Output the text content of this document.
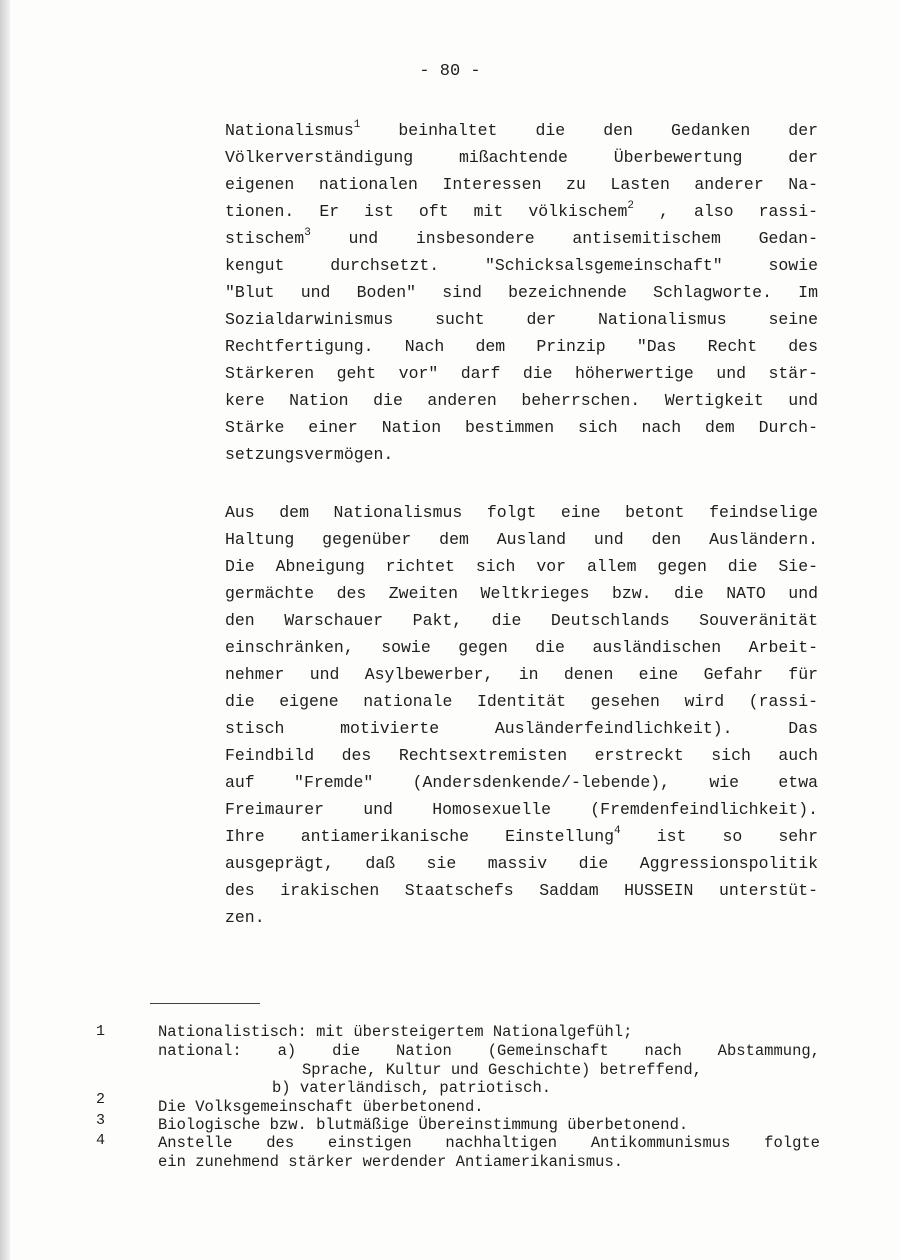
- 80 -
Nationalismus$^1$ beinhaltet die den Gedanken der
Völkerverständigung mißachtende Überbewertung der
eigenen nationalen Interessen zu Lasten anderer Na-
tionen. Er ist oft mit völkischem$^2$ , also rassi-
stischem$^3$ und insbesondere antisemitischem Gedan-
kengut durchsetzt. "Schicksalsgemeinschaft" sowie
"Blut und Boden" sind bezeichnende Schlagworte. Im
Sozialdarwinismus sucht der Nationalismus seine
Rechtfertigung. Nach dem Prinzip "Das Recht des
Stärkeren geht vor" darf die höherwertige und stär-
kere Nation die anderen beherrschen. Wertigkeit und
Stärke einer Nation bestimmen sich nach dem Durch-
setzungsvermögen.
Aus dem Nationalismus folgt eine betont feindselige
Haltung gegenüber dem Ausland und den Ausländern.
Die Abneigung richtet sich vor allem gegen die Sie-
germächte des Zweiten Weltkrieges bzw. die NATO und
den Warschauer Pakt, die Deutschlands Souveränität
einschränken, sowie gegen die ausländischen Arbeit-
nehmer und Asylbewerber, in denen eine Gefahr für
die eigene nationale Identität gesehen wird (rassi-
stisch motivierte Ausländerfeindlichkeit). Das
Feindbild des Rechtsextremisten erstreckt sich auch
auf "Fremde" (Andersdenkende/-lebende), wie etwa
Freimaurer und Homosexuelle (Fremdenfeindlichkeit).
Ihre antiamerikanische Einstellung$^4$ ist so sehr
ausgeprägt, daß sie massiv die Aggressionspolitik
des irakischen Staatschefs Saddam HUSSEIN unterstüt-
zen.
1	Nationalistisch: mit übersteigertem Nationalgefühl;
national: a) die Nation (Gemeinschaft nach Abstammung,
Sprache, Kultur und Geschichte) betreffend,
b) vaterländisch, patriotisch.
2	Die Volksgemeinschaft überbetonend.
3	Biologische bzw. blutmäßige Übereinstimmung überbetonend.
4	Anstelle des einstigen nachhaltigen Antikommunismus folgte
ein zunehmend stärker werdender Antiamerikanismus.
